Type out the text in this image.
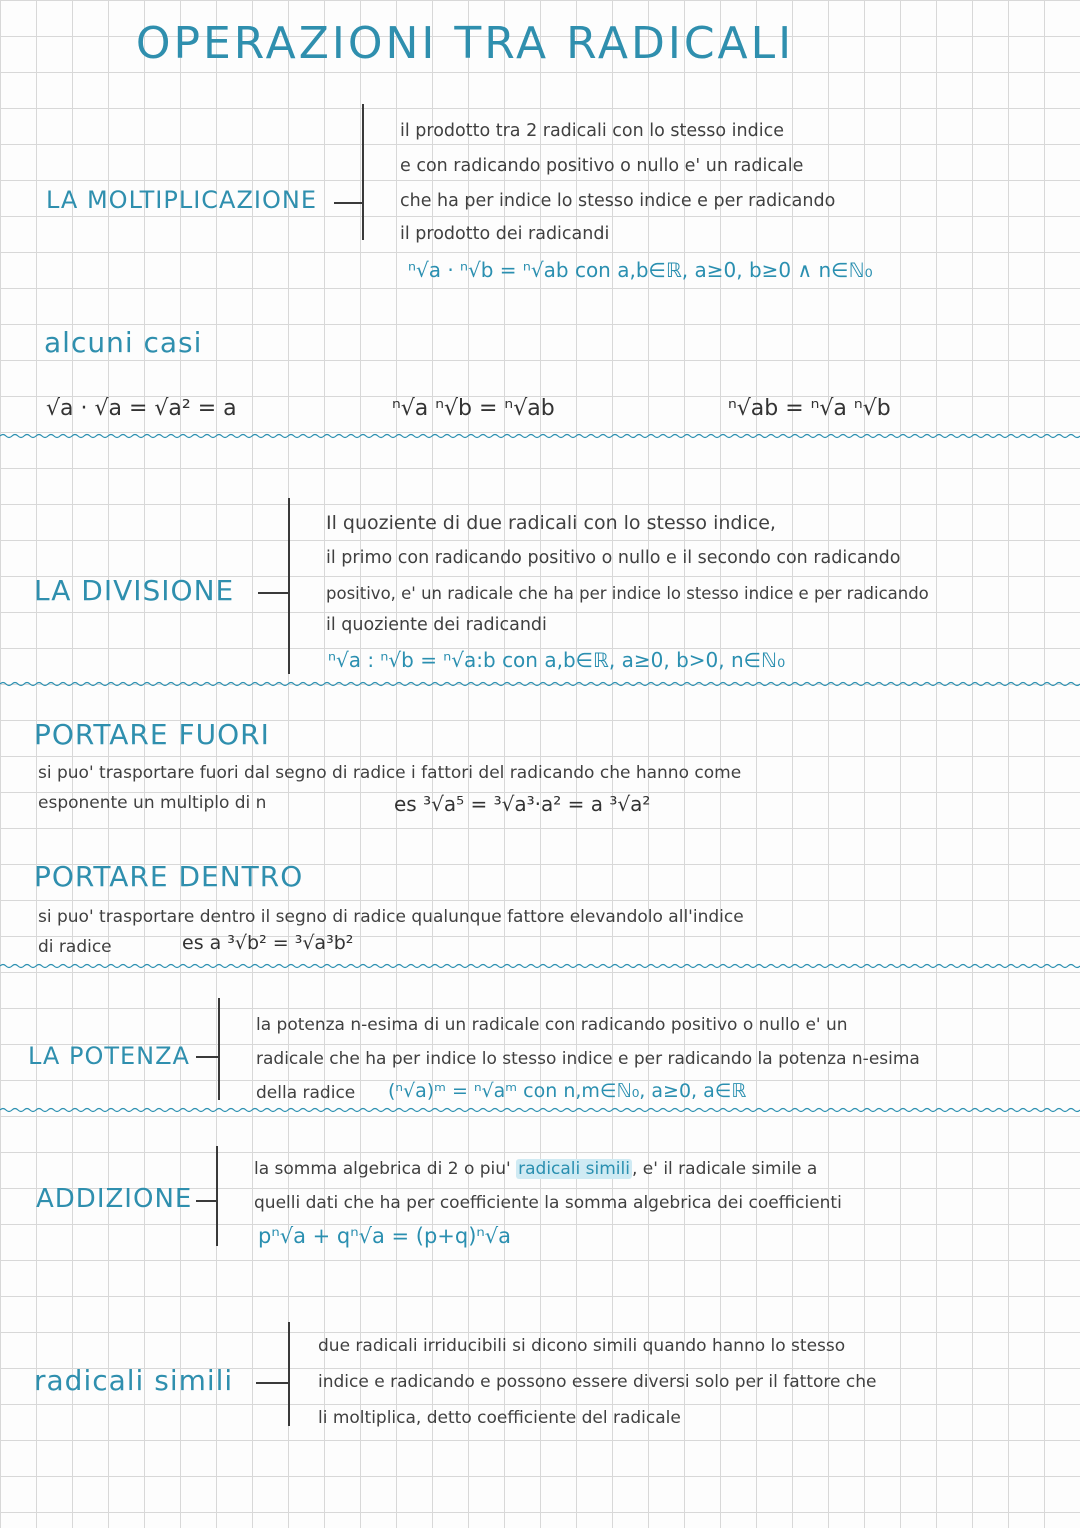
OPERAZIONI TRA RADICALI
LA MOLTIPLICAZIONE
il prodotto tra 2 radicali con lo stesso indice
e con radicando positivo o nullo e' un radicale
che ha per indice lo stesso indice e per radicando
il prodotto dei radicandi
ⁿ√a · ⁿ√b = ⁿ√ab con a,b∈ℝ, a≥0, b≥0 ∧ n∈ℕ₀
alcuni casi
√a · √a = √a² = a	ⁿ√a ⁿ√b = ⁿ√ab	ⁿ√ab = ⁿ√a ⁿ√b
LA DIVISIONE
Il quoziente di due radicali con lo stesso indice,
il primo con radicando positivo o nullo e il secondo con radicando
positivo, e' un radicale che ha per indice lo stesso indice e per radicando
il quoziente dei radicandi
ⁿ√a : ⁿ√b = ⁿ√a:b con a,b∈ℝ, a≥0, b>0, n∈ℕ₀
PORTARE FUORI
si puo' trasportare fuori dal segno di radice i fattori del radicando che hanno come
esponente un multiplo di n	es ³√a⁵ = ³√a³·a² = a ³√a²
PORTARE DENTRO
si puo' trasportare dentro il segno di radice qualunque fattore elevandolo all'indice
di radice	es a ³√b² = ³√a³b²
LA POTENZA
la potenza n-esima di un radicale con radicando positivo o nullo e' un
radicale che ha per indice lo stesso indice e per radicando la potenza n-esima
della radice	(ⁿ√a)ᵐ = ⁿ√aᵐ con n,m∈ℕ₀, a≥0, a∈ℝ
ADDIZIONE
la somma algebrica di 2 o piu' radicali simili , e' il radicale simile a
quelli dati che ha per coefficiente la somma algebrica dei coefficienti
pⁿ√a + qⁿ√a = (p+q)ⁿ√a
radicali simili
due radicali irriducibili si dicono simili quando hanno lo stesso
indice e radicando e possono essere diversi solo per il fattore che
li moltiplica, detto coefficiente del radicale
